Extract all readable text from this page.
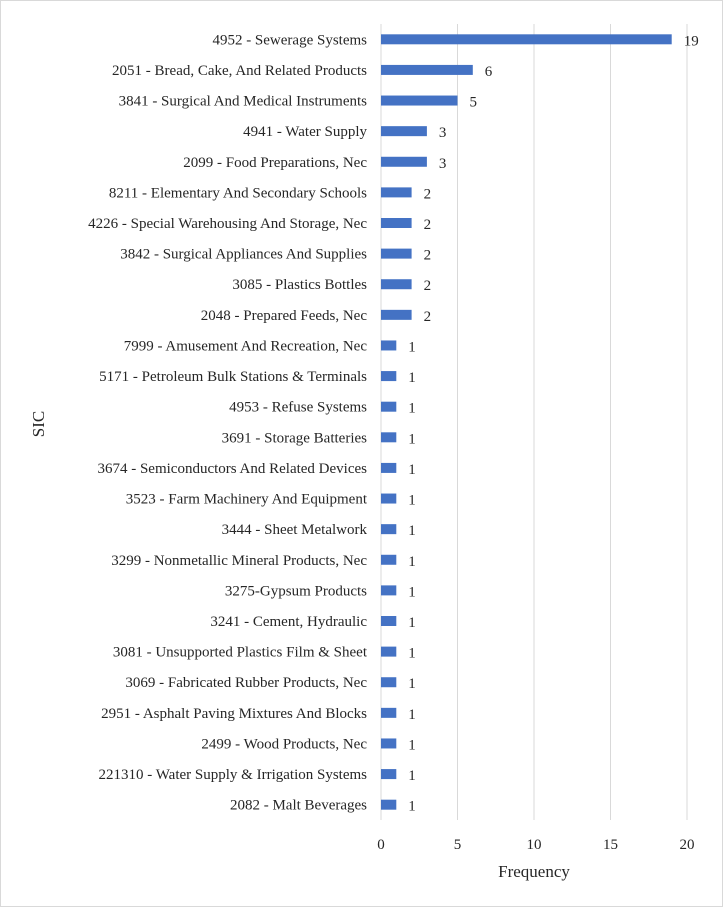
4952 - Sewerage Systems
2051 - Bread, Cake, And Related Products
3841 - Surgical And Medical Instruments
4941 - Water Supply
2099 - Food Preparations, Nec
8211 - Elementary And Secondary Schools
4226 - Special Warehousing And Storage, Nec
3842 - Surgical Appliances And Supplies
3085 - Plastics Bottles
2048 - Prepared Feeds, Nec
7999 - Amusement And Recreation, Nec
5171 - Petroleum Bulk Stations & Terminals
4953 - Refuse Systems
3691 - Storage Batteries
3674 - Semiconductors And Related Devices
3523 - Farm Machinery And Equipment
3444 - Sheet Metalwork
3299 - Nonmetallic Mineral Products, Nec
3275-Gypsum Products
3241 - Cement, Hydraulic
3081 - Unsupported Plastics Film & Sheet
3069 - Fabricated Rubber Products, Nec
2951 - Asphalt Paving Mixtures And Blocks
2499 - Wood Products, Nec
221310 - Water Supply & Irrigation Systems
2082 - Malt Beverages
19
6
5
3
3
2
2
2
2
2
1
1
1
1
1
1
1
1
1
1
1
1
1
1
1
1
0	5	10	15	20
Frequency
SIC
